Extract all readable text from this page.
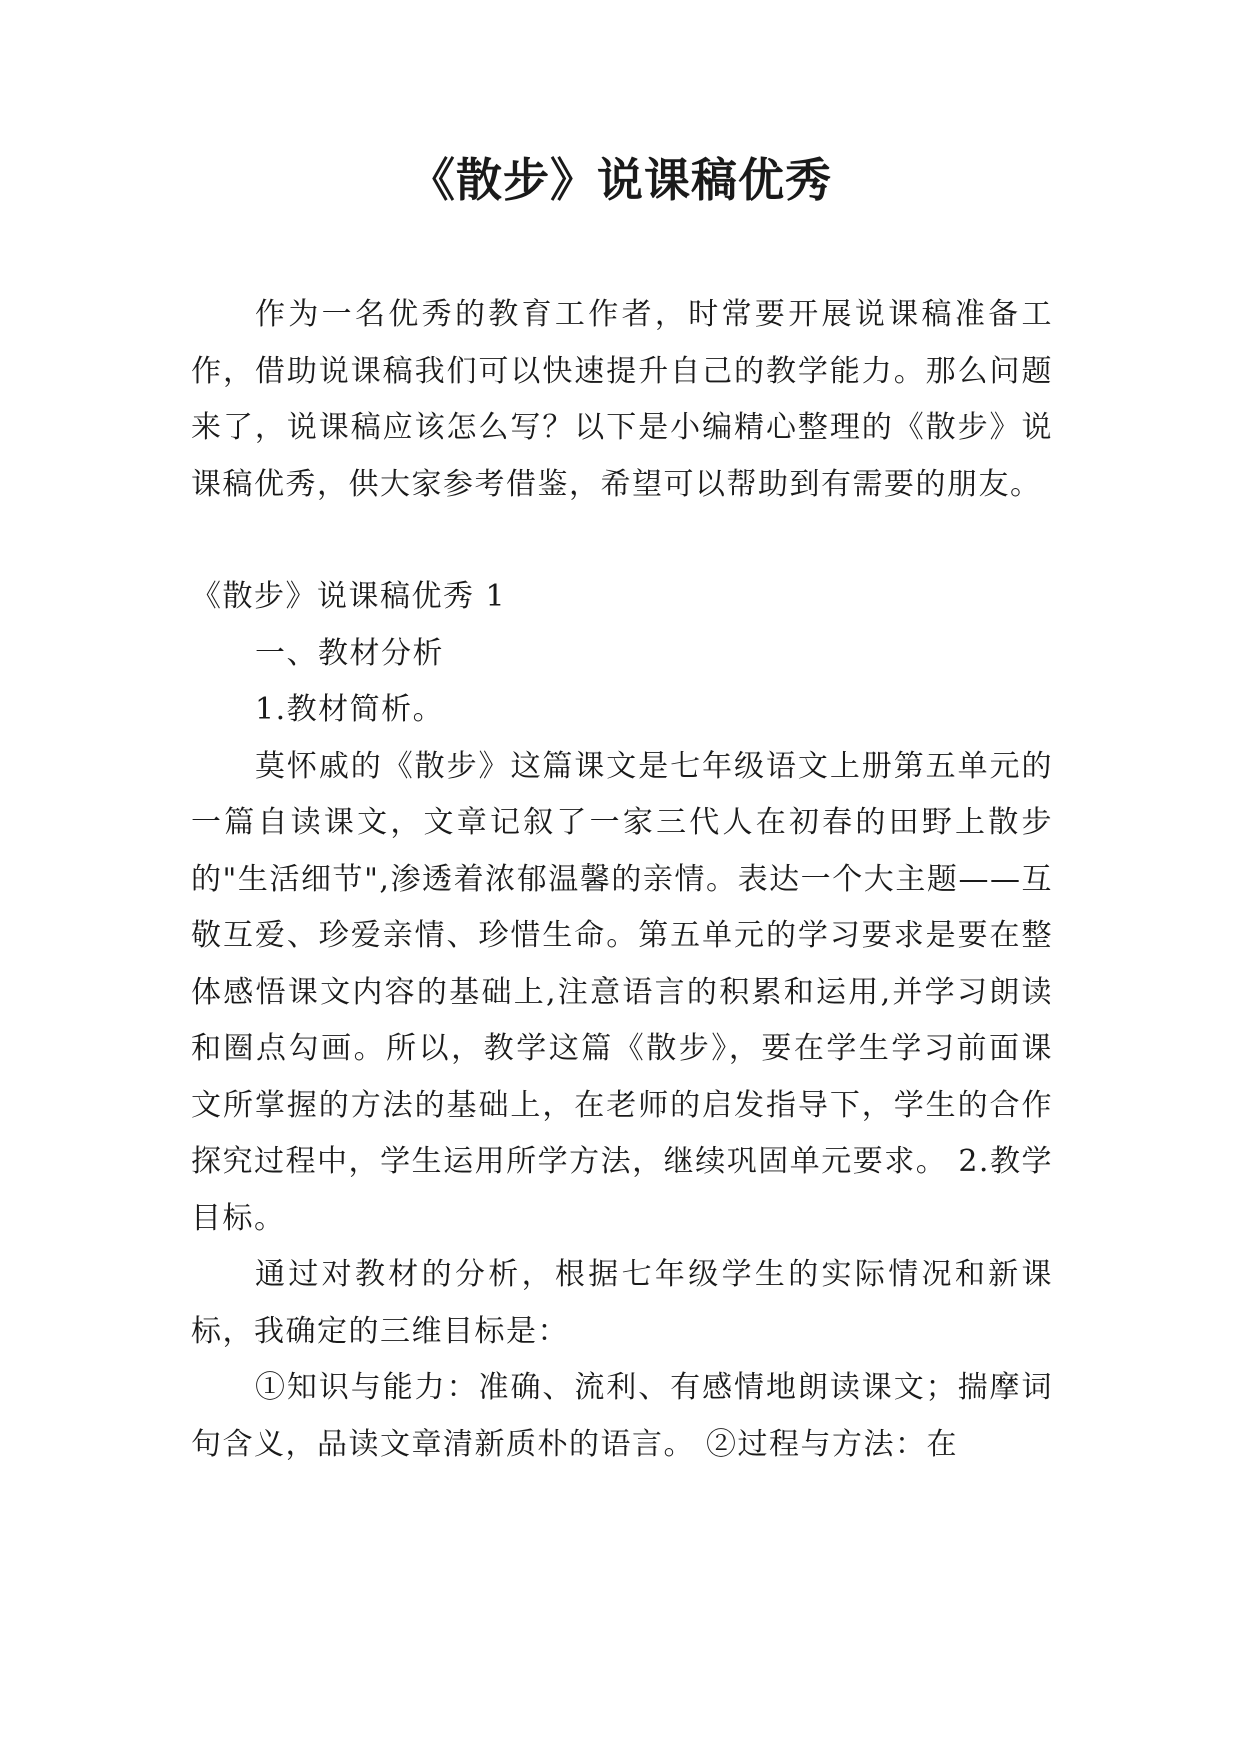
《散步》说课稿优秀

作为一名优秀的教育工作者，时常要开展说课稿准备工作，借助说课稿我们可以快速提升自己的教学能力。那么问题来了，说课稿应该怎么写？以下是小编精心整理的《散步》说课稿优秀，供大家参考借鉴，希望可以帮助到有需要的朋友。

《散步》说课稿优秀 1

一、教材分析

1.教材简析。

莫怀戚的《散步》这篇课文是七年级语文上册第五单元的一篇自读课文，文章记叙了一家三代人在初春的田野上散步的"生活细节",渗透着浓郁温馨的亲情。表达一个大主题——互敬互爱、珍爱亲情、珍惜生命。第五单元的学习要求是要在整体感悟课文内容的基础上,注意语言的积累和运用,并学习朗读和圈点勾画。所以，教学这篇《散步》，要在学生学习前面课文所掌握的方法的基础上，在老师的启发指导下，学生的合作探究过程中，学生运用所学方法，继续巩固单元要求。 2.教学目标。

通过对教材的分析，根据七年级学生的实际情况和新课标，我确定的三维目标是：

①知识与能力：准确、流利、有感情地朗读课文；揣摩词句含义，品读文章清新质朴的语言。 ②过程与方法：在
